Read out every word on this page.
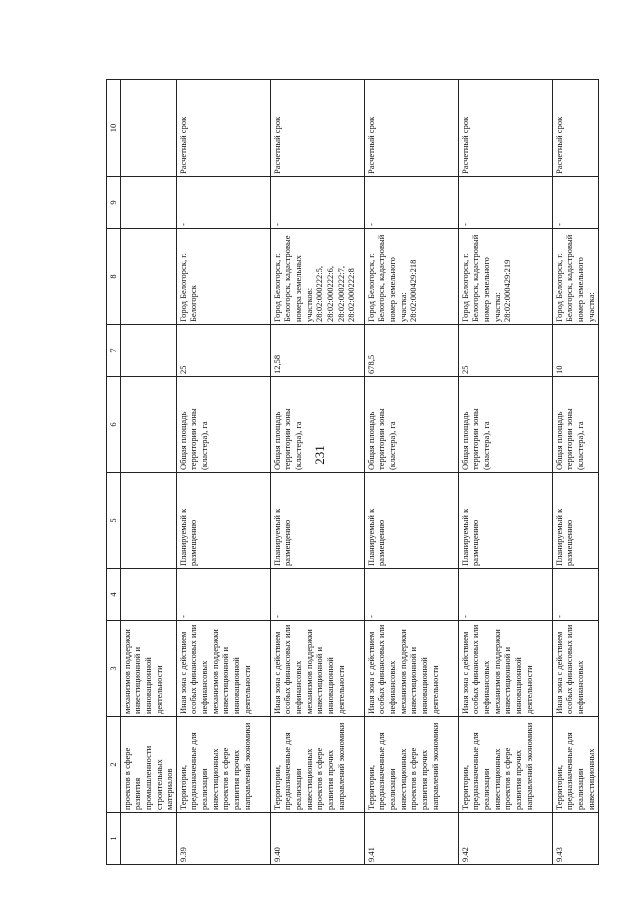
231
1	2	3	4	5	6	7	8	9	10
	проектов в сфере развития промышленности строительных материалов	механизмов поддержки инвестиционной и инновационной деятельности							
9.39	Территории, предназначенные для реализации инвестиционных проектов в сфере развития прочих направлений экономики	Иная зона с действием особых финансовых или нефинансовых механизмов поддержки инвестиционной и инновационной деятельности	-	Планируемый к размещению	Общая площадь территории зоны (кластера), га	25	Город Белогорск, г. Белогорск	-	Расчетный срок
9.40	Территории, предназначенные для реализации инвестиционных проектов в сфере развития прочих направлений экономики	Иная зона с действием особых финансовых или нефинансовых механизмов поддержки инвестиционной и инновационной деятельности	-	Планируемый к размещению	Общая площадь территории зоны (кластера), га	12,58	Город Белогорск, г. Белогорск, кадастровые номера земельных участков: 28:02:000222:5, 28:02:000222:6, 28:02:000222:7, 28:02:000222:8	-	Расчетный срок
9.41	Территории, предназначенные для реализации инвестиционных проектов в сфере развития прочих направлений экономики	Иная зона с действием особых финансовых или нефинансовых механизмов поддержки инвестиционной и инновационной деятельности	-	Планируемый к размещению	Общая площадь территории зоны (кластера), га	678,5	Город Белогорск, г. Белогорск, кадастровый номер земельного участка: 28:02:000429:218	-	Расчетный срок
9.42	Территории, предназначенные для реализации инвестиционных проектов в сфере развития прочих направлений экономики	Иная зона с действием особых финансовых или нефинансовых механизмов поддержки инвестиционной и инновационной деятельности	-	Планируемый к размещению	Общая площадь территории зоны (кластера), га	25	Город Белогорск, г. Белогорск, кадастровый номер земельного участка: 28:02:000429:219	-	Расчетный срок
9.43	Территории, предназначенные для реализации инвестиционных	Иная зона с действием особых финансовых или нефинансовых	-	Планируемый к размещению	Общая площадь территории зоны (кластера), га	10	Город Белогорск, г. Белогорск, кадастровый номер земельного участка:	-	Расчетный срок
